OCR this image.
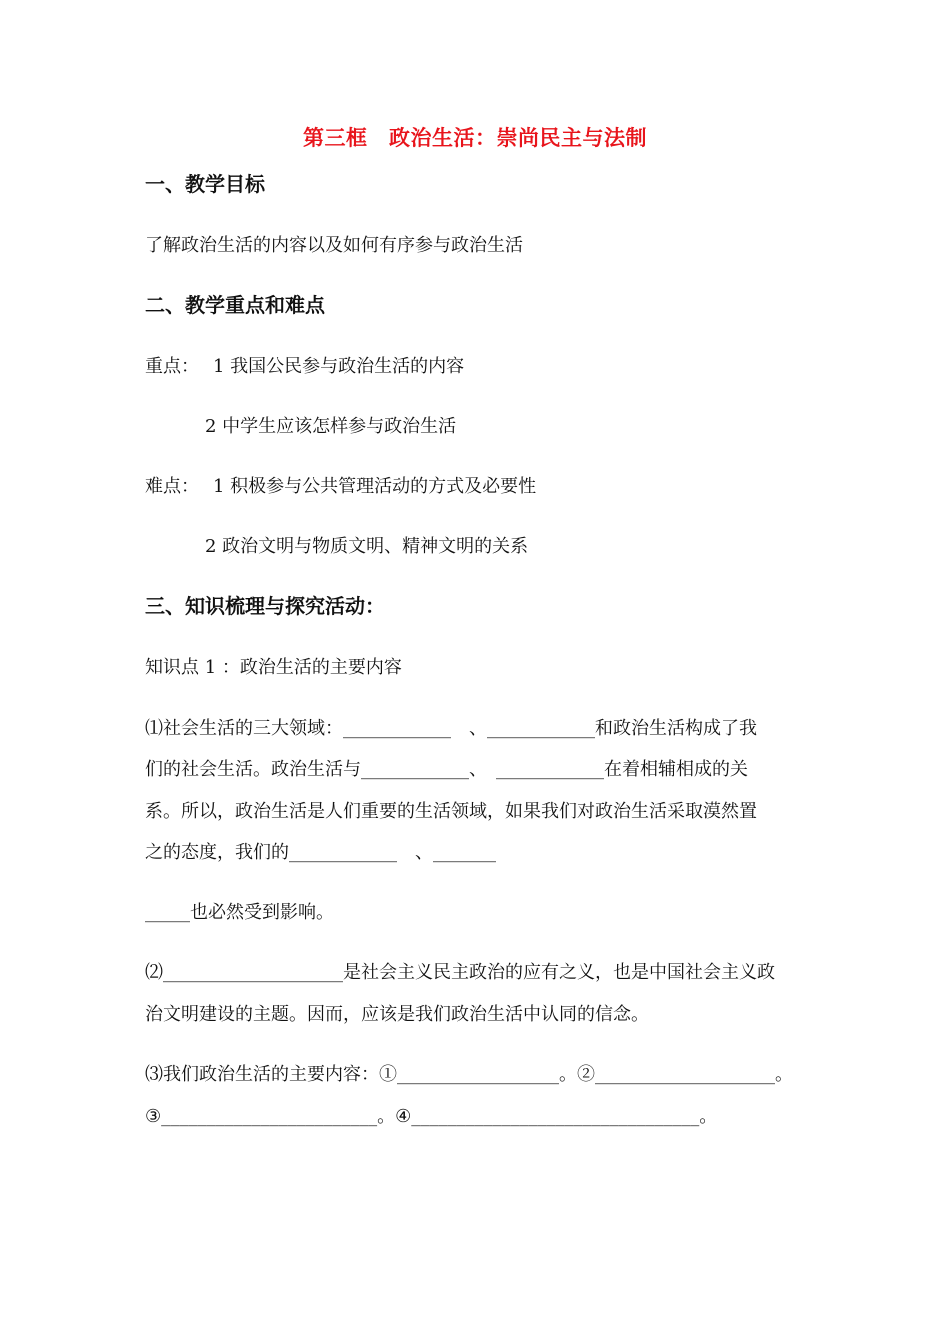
第三框　政治生活：崇尚民主与法制
一、教学目标
了解政治生活的内容以及如何有序参与政治生活
二、教学重点和难点
重点： 1 我国公民参与政治生活的内容
2 中学生应该怎样参与政治生活
难点： 1 积极参与公共管理活动的方式及必要性
2 政治文明与物质文明、精神文明的关系
三、知识梳理与探究活动：
知识点 1 ：政治生活的主要内容
⑴社会生活的三大领域：____________　、____________和政治生活构成了我
们的社会生活。政治生活与____________、　____________在着相辅相成的关
系。所以，政治生活是人们重要的生活领域，如果我们对政治生活采取漠然置
之的态度，我们的____________　、_______
_____也必然受到影响。
⑵____________________是社会主义民主政治的应有之义，也是中国社会主义政
治文明建设的主题。因而，应该是我们政治生活中认同的信念。
⑶我们政治生活的主要内容：①__________________。②____________________。
③________________________。④________________________________。
